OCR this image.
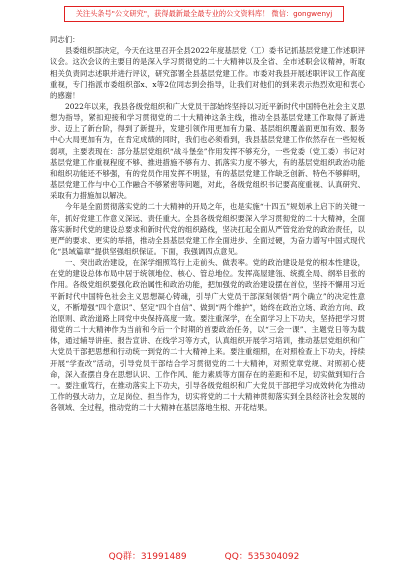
关注头条号"公文研究"，获得最新最全最专业的公文资料库！ 微信：gongwenyj

同志们：

县委组织部决定，今天在这里召开全县2022年度基层党（工）委书记抓基层党建工作述职评议会。这次会议的主要目的是深入学习贯彻党的二十大精神以及全省、全市述职会议精神，听取相关负责同志述职并进行评议，研究部署全县基层党建工作。市委对我县开展述职评议工作高度重视，专门指派市委组织部x、x等2位同志到会指导，让我们对他们的到来表示热烈欢迎和衷心的感谢！

2022年以来，我县各级党组织和广大党员干部始终坚持以习近平新时代中国特色社会主义思想为指导，紧扣迎接和学习贯彻党的二十大精神这条主线，推动全县基层党建工作取得了新进步、迈上了新台阶，得到了新提升，发建引领作用更加有力量、基层组织覆盖面更加有效、服务中心大局更加有为，在肯定成绩的同时，我们也必须看到，我县基层党建工作依然存在一些短板弱项，主要表现在：部分基层党组织“战斗堡垒”作用发挥不够充分，一些党委（党工委）书记对基层党建工作重视程度不够、推进措施不够有力、抓落实力度不够大，有的基层党组织政治功能和组织功能还不够强，有的党员作用发挥不明显，有的基层党建工作缺乏创新、特色不够鲜明，基层党建工作与中心工作融合不够紧密等问题，对此，各级党组织书记要高度重视、认真研究、采取有力措施加以解决。

今年是全面贯彻落实党的二十大精神的开局之年，也是实施“十四五”规划承上启下的关键一年，抓好党建工作意义深远、责任重大。全县各级党组织要深入学习贯彻党的二十大精神，全面落实新时代党的建设总要求和新时代党的组织路线，坚决扛起全面从严管党治党的政治责任，以更严的要求、更实的举措，推动全县基层党建工作全面进步、全面过硬，为奋力谱写中国式现代化“县域篇章”提供坚强组织保证。下面，我强调四点意见。

一、突出政治建设，在深学细照笃行上走前头、做表率。党的政治建设是党的根本性建设，在党的建设总体布局中居于统领地位、核心、管总地位。发挥高屋建瓴、统揽全局、纲举目张的作用。各级党组织要强化政治属性和政治功能，把加强党的政治建设摆在首位，坚持不懈用习近平新时代中国特色社会主义思想凝心铸魂，引导广大党员干部深刻领悟“两个确立”的决定性意义，不断增强“四个意识”、坚定“四个自信”、做到“两个维护”，始终在政治立场、政治方向、政治原则、政治道路上同党中央保持高度一致。要注重深学，在全面学习上下功夫，坚持把学习贯彻党的二十大精神作为当前和今后一个时期的首要政治任务，以“三会一课”、主题党日等为载体，通过辅导讲座、报告宣讲、在线学习等方式，认真组织开展学习培训，推动基层党组织和广大党员干部把思想和行动统一到党的二十大精神上来。要注重细照，在对照检查上下功夫，持续开展“学查改”活动，引导党员干部结合学习贯彻党的二十大精神，对照党章党规、对照初心使命，深入查摆自身在思想认识、工作作风、能力素质等方面存在的差距和不足，切实做到知行合一。要注重笃行，在推动落实上下功夫，引导各级党组织和广大党员干部把学习成效转化为推动工作的强大动力，立足岗位、担当作为，切实将党的二十大精神贯彻落实到全县经济社会发展的各领域、全过程，推动党的二十大精神在基层落地生根、开花结果。

QQ群：31991489	QQ：535304092
